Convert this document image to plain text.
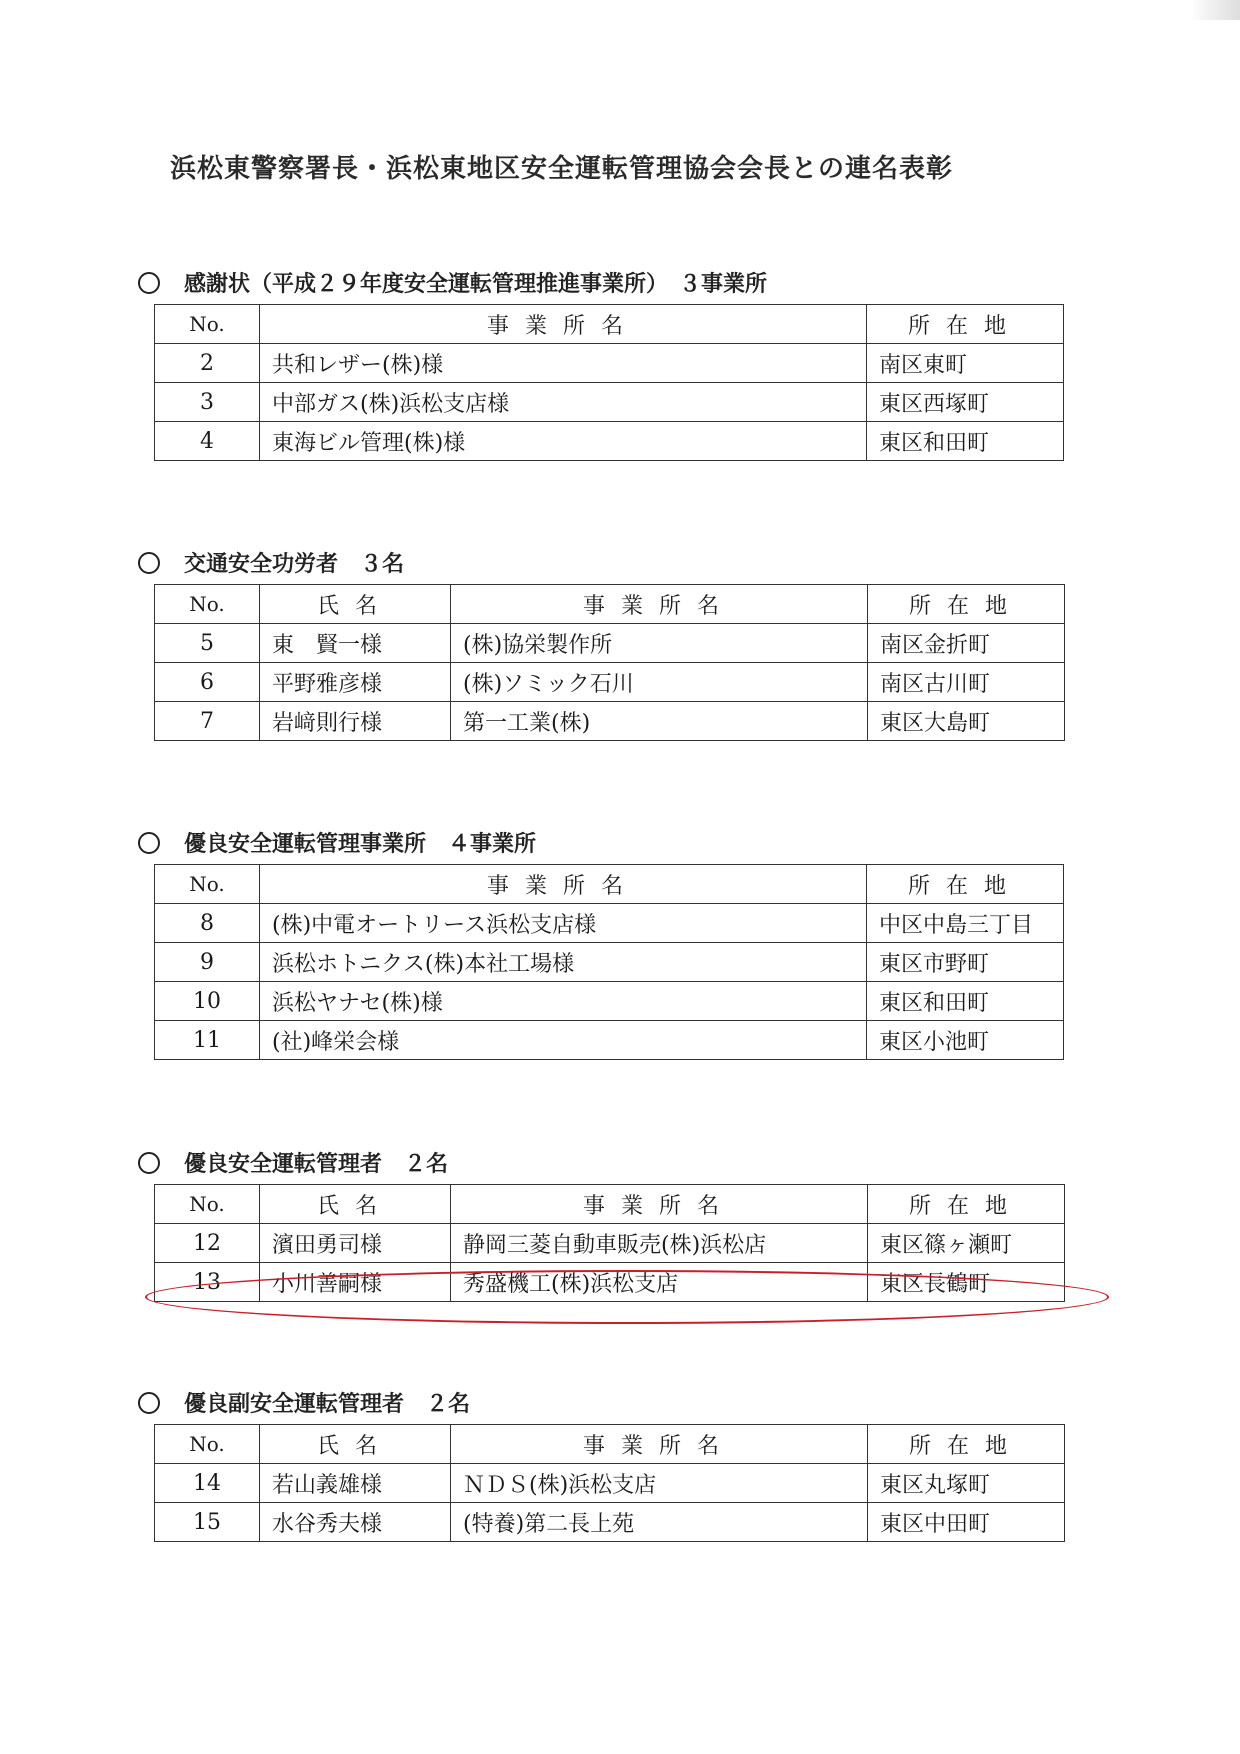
浜松東警察署長・浜松東地区安全運転管理協会会長との連名表彰
感謝状（平成２９年度安全運転管理推進事業所）　３事業所
No.	事業所名	所在地
2	共和レザー(株)様	南区東町
3	中部ガス(株)浜松支店様	東区西塚町
4	東海ビル管理(株)様	東区和田町
交通安全功労者　３名
No.	氏名	事業所名	所在地
5	東　賢一様	(株)協栄製作所	南区金折町
6	平野雅彦様	(株)ソミック石川	南区古川町
7	岩﨑則行様	第一工業(株)	東区大島町
優良安全運転管理事業所　４事業所
No.	事業所名	所在地
8	(株)中電オートリース浜松支店様	中区中島三丁目
9	浜松ホトニクス(株)本社工場様	東区市野町
10	浜松ヤナセ(株)様	東区和田町
11	(社)峰栄会様	東区小池町
優良安全運転管理者　２名
No.	氏名	事業所名	所在地
12	濱田勇司様	静岡三菱自動車販売(株)浜松店	東区篠ヶ瀬町
13	小川善嗣様	秀盛機工(株)浜松支店	東区長鶴町
優良副安全運転管理者　２名
No.	氏名	事業所名	所在地
14	若山義雄様	ＮＤＳ(株)浜松支店	東区丸塚町
15	水谷秀夫様	(特養)第二長上苑	東区中田町
